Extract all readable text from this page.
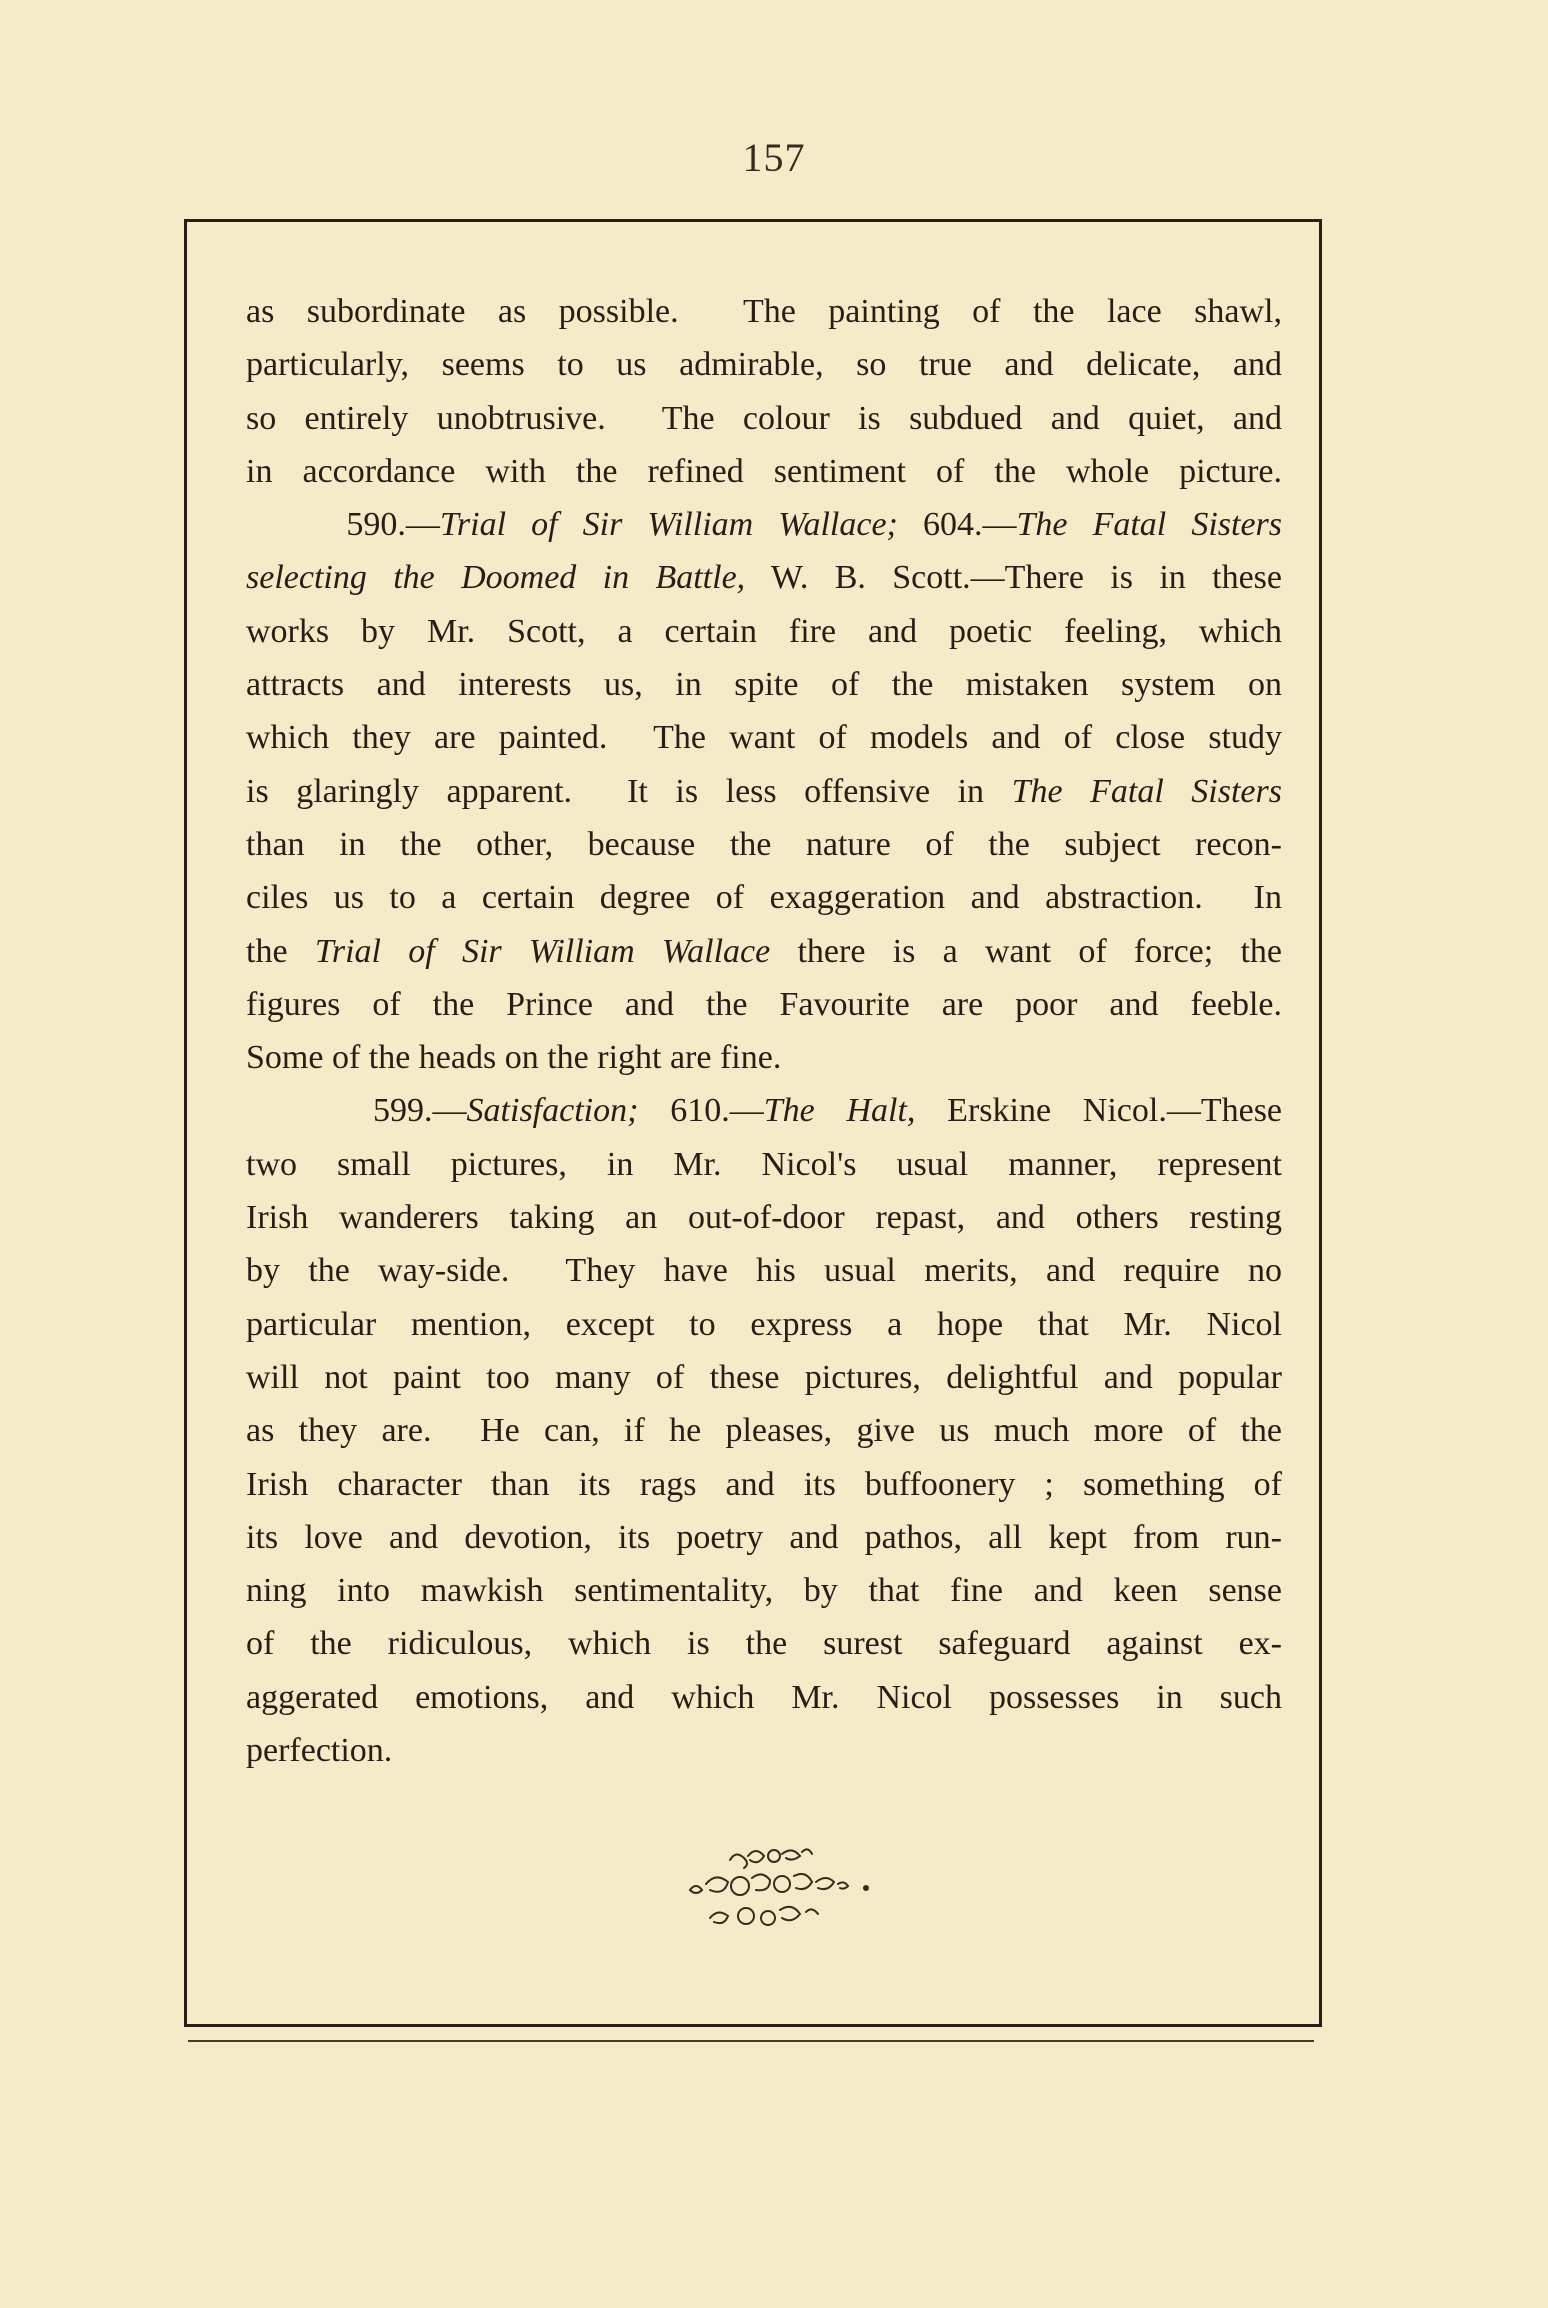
157
as subordinate as possible.  The painting of the lace shawl,
particularly, seems to us admirable, so true and delicate, and
so entirely unobtrusive.  The colour is subdued and quiet, and
in accordance with the refined sentiment of the whole picture.
590.—Trial of Sir William Wallace; 604.—The Fatal Sisters
selecting the Doomed in Battle, W. B. Scott.—There is in these
works by Mr. Scott, a certain fire and poetic feeling, which
attracts and interests us, in spite of the mistaken system on
which they are painted.  The want of models and of close study
is glaringly apparent.  It is less offensive in The Fatal Sisters
than in the other, because the nature of the subject recon-
ciles us to a certain degree of exaggeration and abstraction.  In
the Trial of Sir William Wallace there is a want of force; the
figures of the Prince and the Favourite are poor and feeble.
Some of the heads on the right are fine.
599.—Satisfaction; 610.—The Halt, Erskine Nicol.—These
two small pictures, in Mr. Nicol's usual manner, represent
Irish wanderers taking an out-of-door repast, and others resting
by the way-side.  They have his usual merits, and require no
particular mention, except to express a hope that Mr. Nicol
will not paint too many of these pictures, delightful and popular
as they are.  He can, if he pleases, give us much more of the
Irish character than its rags and its buffoonery ; something of
its love and devotion, its poetry and pathos, all kept from run-
ning into mawkish sentimentality, by that fine and keen sense
of the ridiculous, which is the surest safeguard against ex-
aggerated emotions, and which Mr. Nicol possesses in such
perfection.
